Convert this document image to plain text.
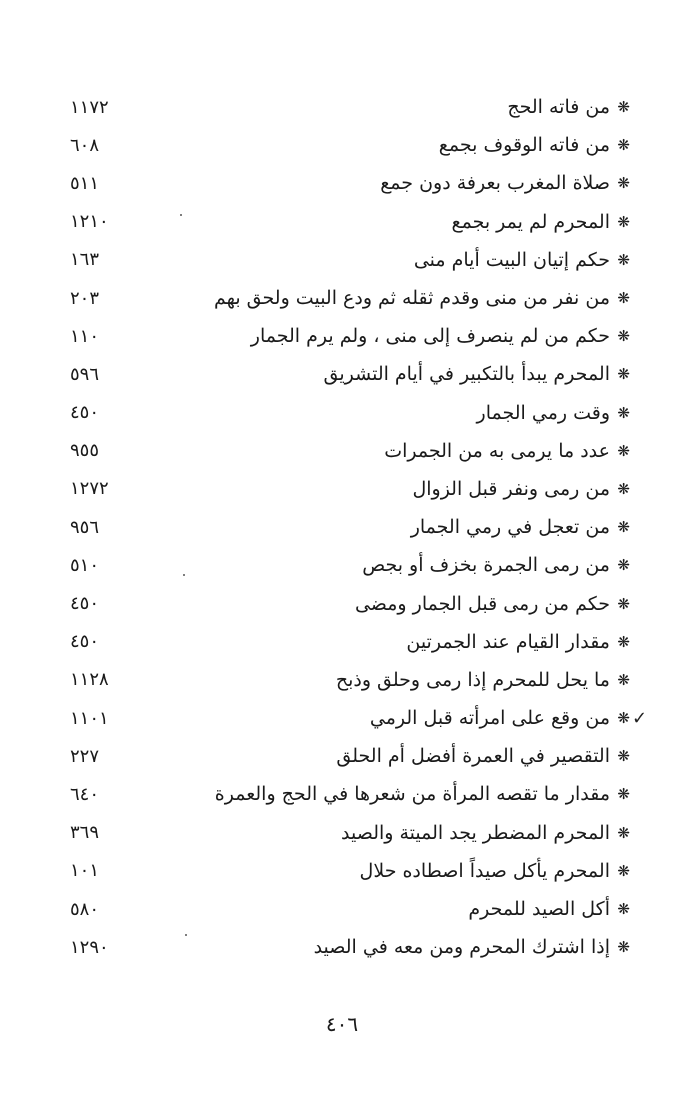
❋
من فاته الحج
١١٧٢
❋
من فاته الوقوف بجمع
٦٠٨
❋
صلاة المغرب بعرفة دون جمع
٥١١
❋
المحرم لم يمر بجمع
١٢١٠
❋
حكم إتيان البيت أيام منى
١٦٣
❋
من نفر من منى وقدم ثقله ثم ودع البيت ولحق بهم
٢٠٣
❋
حكم من لم ينصرف إلى منى ، ولم يرم الجمار
١١٠
❋
المحرم يبدأ بالتكبير في أيام التشريق
٥٩٦
❋
وقت رمي الجمار
٤٥٠
❋
عدد ما يرمى به من الجمرات
٩٥٥
❋
من رمى ونفر قبل الزوال
١٢٧٢
❋
من تعجل في رمي الجمار
٩٥٦
❋
من رمى الجمرة بخزف أو بجص
٥١٠
❋
حكم من رمى قبل الجمار ومضى
٤٥٠
❋
مقدار القيام عند الجمرتين
٤٥٠
❋
ما يحل للمحرم إذا رمى وحلق وذبح
١١٢٨
❋
من وقع على امرأته قبل الرمي
١١٠١
❋
التقصير في العمرة أفضل أم الحلق
٢٢٧
❋
مقدار ما تقصه المرأة من شعرها في الحج والعمرة
٦٤٠
❋
المحرم المضطر يجد الميتة والصيد
٣٦٩
❋
المحرم يأكل صيداً اصطاده حلال
١٠١
❋
أكل الصيد للمحرم
٥٨٠
❋
إذا اشترك المحرم ومن معه في الصيد
١٢٩٠
✓
٤٠٦
